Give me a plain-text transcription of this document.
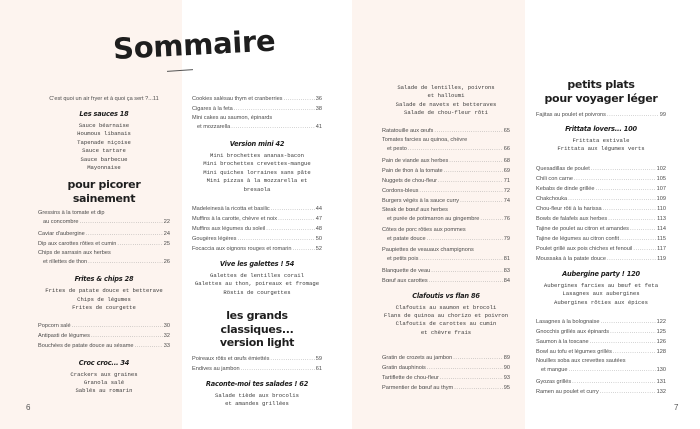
Sommaire
C'est quoi un air fryer et à quoi ça sert ? ...11
Les sauces 18
Sauce béarnaise
Houmous libanais
Tapenade niçoise
Sauce tartare
Sauce barbecue
Mayonnaise
pour picorer sainement
Gressins à la tomate et dip
au concombre .....	22
Caviar d'aubergine .....	24
Dip aux carottes rôties et cumin .....	25
Chips de sarrasin aux herbes
et rillettes de thon .....	26
Frites & chips 28
Frites de patate douce et betterave
Chips de légumes
Frites de courgette
Popcorn salé .....	30
Antipasti de légumes .....	32
Bouchées de patate douce au sésame .....	33
Croc croc... 34
Crackers aux graines
Granola salé
Sablés au romarin
Cookies salésau thym et cranberries .....	36
Cigares à la feta .....	38
Mini cakes au saumon, épinards
et mozzarella .....	41
Version mini 42
Mini brochettes ananas-bacon
Mini brochettes crevettes-mangue
Mini quiches lorraines sans pâte
Mini pizzas à la mozzarella et bresaola
Madeleinesà la ricotta et basilic .....	44
Muffins à la carotte, chèvre et noix .....	47
Muffins aux légumes du soleil .....	48
Gougères légères .....	50
Focaccia aux oignons rouges et romarin .....	52
Vive les galettes ! 54
Galettes de lentilles corail
Galettes au thon, poireaux et fromage
Röstis de courgettes
les grands classiques...
version light
Poireaux rôtis et œufs émiettés .....	59
Endives au jambon .....	61
Raconte-moi tes salades ! 62
Salade tiède aux brocolis
et amandes grillées
Salade de lentilles, poivrons
et halloumi
Salade de navets et betteraves
Salade de chou-fleur rôti
Ratatouille aux œufs .....	65
Tomates farcies au quinoa, chèvre
et pesto .....	66
Pain de viande aux herbes .....	68
Pain de thon à la tomate .....	69
Nuggets de chou-fleur .....	71
Cordons-bleus .....	72
Burgers végés à la sauce curry .....	74
Steak de bœuf aux herbes
et purée de potimarron au gingembre .....	76
Côtes de porc rôties aux pommes
et patate douce .....	79
Paupiettes de veauaux champignons
et petits pois .....	81
Blanquette de veau .....	83
Bœuf aux carottes .....	84
Clafoutis vs flan 86
Clafoutis au saumon et brocoli
Flans de quinoa au chorizo et poivron
Clafoutis de carottes au cumin
et chèvre frais
Gratin de crozets au jambon .....	89
Gratin dauphinois .....	90
Tartiflette de chou-fleur .....	93
Parmentier de bœuf au thym .....	95
petits plats
pour voyager léger
Fajitas au poulet et poivrons .....	99
Frittata lovers... 100
Frittata estivale
Frittata aux légumes verts
Quesadillas de poulet .....	102
Chili con carne .....	105
Kebabs de dinde grillée .....	107
Chakchouka .....	109
Chou-fleur rôti à la harissa .....	110
Bowls de falafels aux herbes .....	113
Tajine de poulet au citron et amandes .....	114
Tajine de légumes au citron confit .....	115
Poulet grillé aux pois chiches et fenouil .....	117
Moussaka à la patate douce .....	119
Aubergine party ! 120
Aubergines farcies au bœuf et feta
Lasagnes aux aubergines
Aubergines rôties aux épices
Lasagnes à la bolognaise .....	122
Gnocchis grillés aux épinards .....	125
Saumon à la toscane .....	126
Bowl au tofu et légumes grillés .....	128
Nouilles soba aux crevettes sautées
et mangue .....	130
Gyozas grillés .....	131
Ramen au poulet et curry .....	132
6	7
